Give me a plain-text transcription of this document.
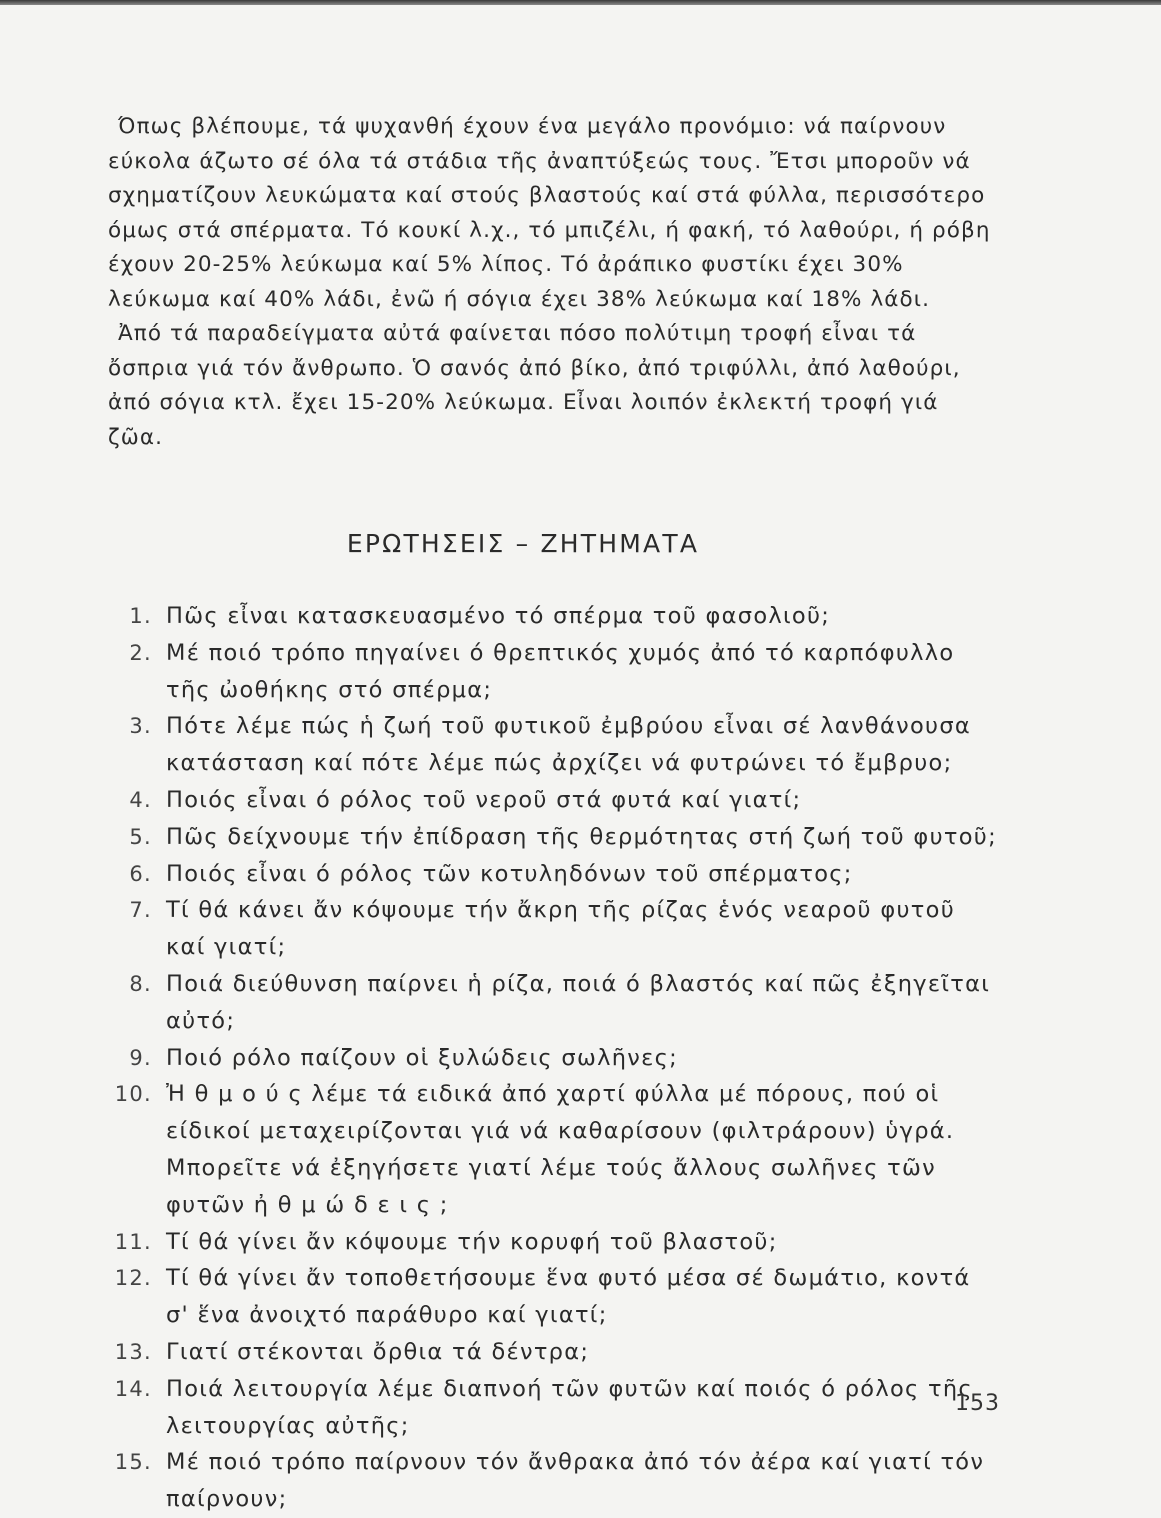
Όπως βλέπουμε, τά ψυχανθή έχουν ένα μεγάλο προνόμιο: νά παίρνουν εύκολα άζωτο σέ όλα τά στάδια τῆς ἀναπτύξεώς τους. Ἔτσι μποροῦν νά σχηματίζουν λευκώματα καί στούς βλαστούς καί στά φύλλα, περισσότερο όμως στά σπέρματα. Τό κουκί λ.χ., τό μπιζέλι, ή φακή, τό λαθούρι, ή ρόβη έχουν 20-25% λεύκωμα καί 5% λίπος. Τό ἀράπικο φυστίκι έχει 30% λεύκωμα καί 40% λάδι, ἐνῶ ή σόγια έχει 38% λεύκωμα καί 18% λάδι.

Ἀπό τά παραδείγματα αὐτά φαίνεται πόσο πολύτιμη τροφή εἶναι τά ὄσπρια γιά τόν ἄνθρωπο. Ὁ σανός ἀπό βίκο, ἀπό τριφύλλι, ἀπό λαθούρι, ἀπό σόγια κτλ. ἔχει 15-20% λεύκωμα. Εἶναι λοιπόν ἐκλεκτή τροφή γιά ζῶα.

ΕΡΩΤΗΣΕΙΣ – ΖΗΤΗΜΑΤΑ
1. Πῶς εἶναι κατασκευασμένο τό σπέρμα τοῦ φασολιοῦ;
2. Μέ ποιό τρόπο πηγαίνει ό θρεπτικός χυμός ἀπό τό καρπόφυλλο τῆς ὠοθήκης στό σπέρμα;
3. Πότε λέμε πώς ἡ ζωή τοῦ φυτικοῦ ἐμβρύου εἶναι σέ λανθάνουσα κατάσταση καί πότε λέμε πώς ἀρχίζει νά φυτρώνει τό ἔμβρυο;
4. Ποιός εἶναι ό ρόλος τοῦ νεροῦ στά φυτά καί γιατί;
5. Πῶς δείχνουμε τήν ἐπίδραση τῆς θερμότητας στή ζωή τοῦ φυτοῦ;
6. Ποιός εἶναι ό ρόλος τῶν κοτυληδόνων τοῦ σπέρματος;
7. Τί θά κάνει ἄν κόψουμε τήν ἄκρη τῆς ρίζας ἑνός νεαροῦ φυτοῦ καί γιατί;
8. Ποιά διεύθυνση παίρνει ἡ ρίζα, ποιά ό βλαστός καί πῶς ἐξηγεῖται αὐτό;
9. Ποιό ρόλο παίζουν οἱ ξυλώδεις σωλῆνες;
10. Ἠ θ μ ο ύ ς λέμε τά ειδικά ἀπό χαρτί φύλλα μέ πόρους, πού οἱ είδικοί μεταχειρίζονται γιά νά καθαρίσουν (φιλτράρουν) ὑγρά. Μπορεῖτε νά ἐξηγήσετε γιατί λέμε τούς ἄλλους σωλῆνες τῶν φυτῶν ἠ θ μ ώ δ ε ι ς ;
11. Τί θά γίνει ἄν κόψουμε τήν κορυφή τοῦ βλαστοῦ;
12. Τί θά γίνει ἄν τοποθετήσουμε ἕνα φυτό μέσα σέ δωμάτιο, κοντά σ' ἕνα ἀνοιχτό παράθυρο καί γιατί;
13. Γιατί στέκονται ὄρθια τά δέντρα;
14. Ποιά λειτουργία λέμε διαπνοή τῶν φυτῶν καί ποιός ό ρόλος τῆς λειτουργίας αὐτῆς;
15. Μέ ποιό τρόπο παίρνουν τόν ἄνθρακα ἀπό τόν ἀέρα καί γιατί τόν παίρνουν;
153
